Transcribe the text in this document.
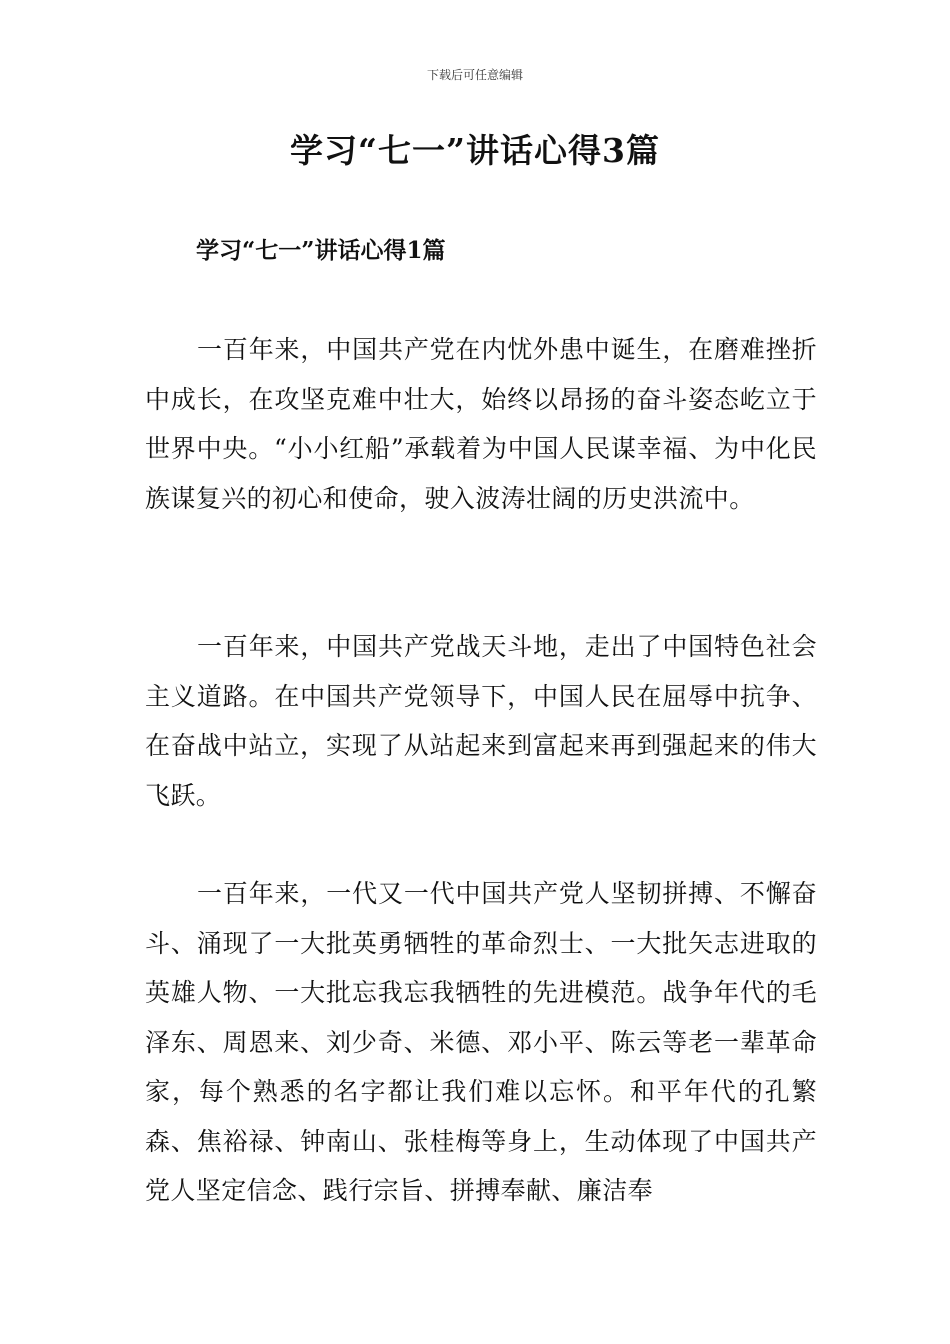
下载后可任意编辑
学习“七一”讲话心得3篇
学习“七一”讲话心得1篇

一百年来，中国共产党在内忧外患中诞生，在磨难挫折中成长，在攻坚克难中壮大，始终以昂扬的奋斗姿态屹立于世界中央。“小小红船”承载着为中国人民谋幸福、为中化民族谋复兴的初心和使命，驶入波涛壮阔的历史洪流中。

一百年来，中国共产党战天斗地，走出了中国特色社会主义道路。在中国共产党领导下，中国人民在屈辱中抗争、在奋战中站立，实现了从站起来到富起来再到强起来的伟大飞跃。

一百年来，一代又一代中国共产党人坚韧拼搏、不懈奋斗、涌现了一大批英勇牺牲的革命烈士、一大批矢志进取的英雄人物、一大批忘我忘我牺牲的先进模范。战争年代的毛泽东、周恩来、刘少奇、米德、邓小平、陈云等老一辈革命家，每个熟悉的名字都让我们难以忘怀。和平年代的孔繁森、焦裕禄、钟南山、张桂梅等身上，生动体现了中国共产党人坚定信念、践行宗旨、拼搏奉献、廉洁奉
